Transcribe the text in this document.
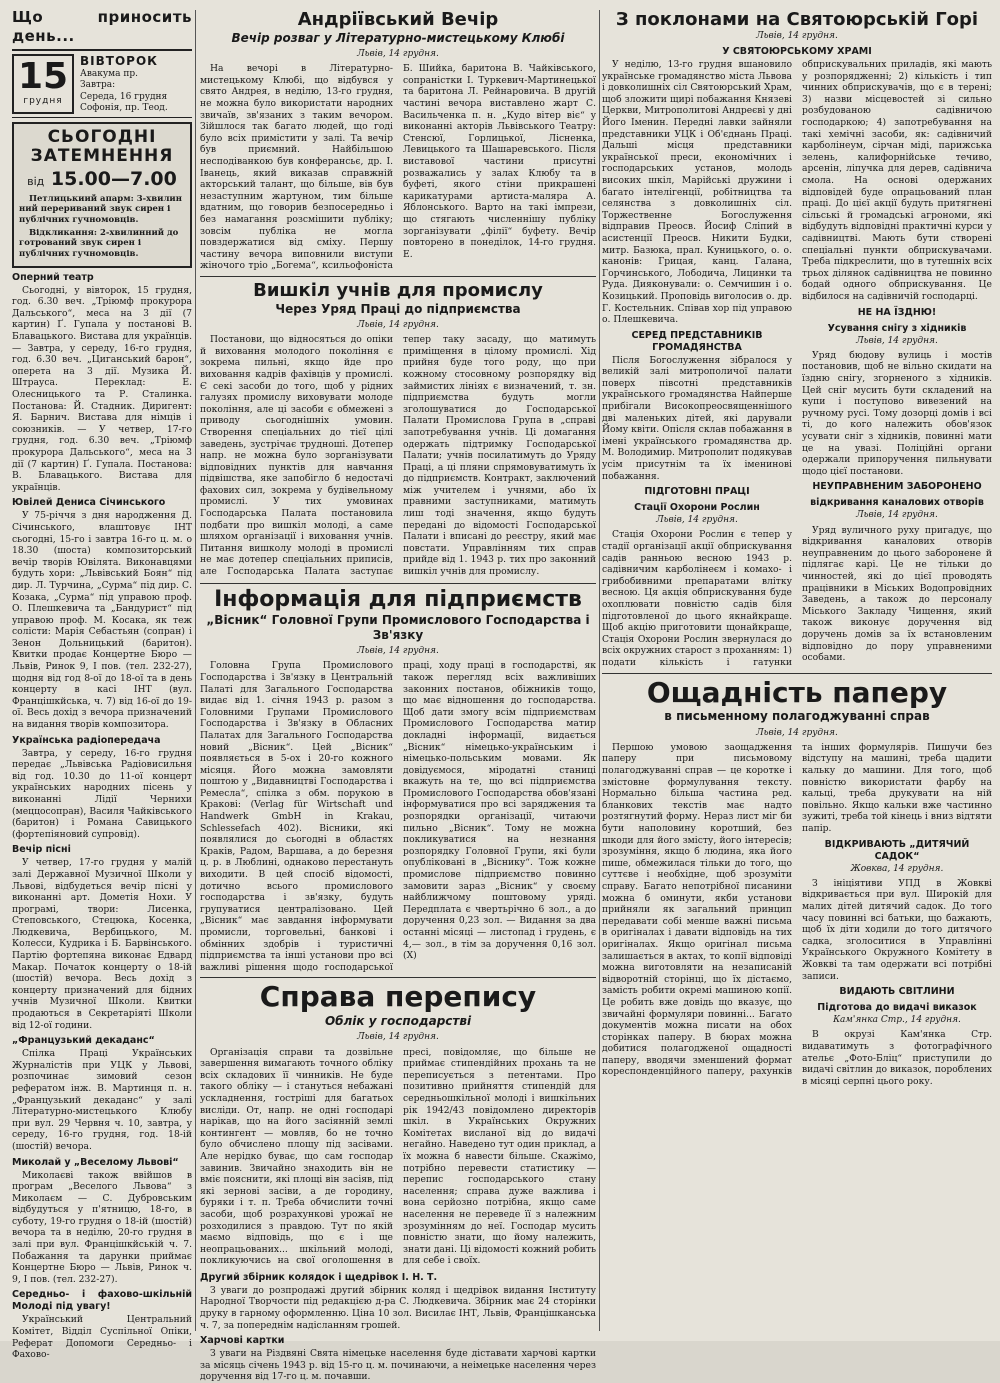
Що приносить день...
15
грудня
ВІВТОРОК
Авакума пр.
Завтра:
Середа, 16 грудня
Софонія, пр. Теод.
СЬОГОДНІ ЗАТЕМНЕННЯ
від 15.00—7.00

Петлицькиий апарм: 3-хвилин ний перериваний звук сирен і публічних гучномовців.

Відкликання: 2-хвилинний до готрований звук сирен і публічних гучномовців.

Оперний театр

Сьогодні, у вівторок, 15 грудня, год. 6.30 веч. „Тріюмф прокурора Дальського“, меса на 3 дії (7 картин) Ґ. Гупала у постанові В. Блавацького. Вистава для українців. — Завтра, у середу, 16-го грудня, год. 6.30 веч. „Циганський барон“, оперета на 3 дії. Музика Й. Штрауса. Переклад: Е. Олесницького та Р. Сталинка. Постанова: Й. Стадник. Диригент: Я. Барнич. Вистава для німців і союзників. — У четвер, 17-го грудня, год. 6.30 веч. „Тріюмф прокурора Дальського“, меса на 3 дії (7 картин) Ґ. Гупала. Постанова: В. Блавацького. Вистава для українців.

Ювілей Дениса Січинського

У 75-річчя з дня народження Д. Січинського, влаштовує ІНТ сьогодні, 15-го і завтра 16-го ц. м. о 18.30 (шоста) композиторський вечір творів Ювілята. Виконавцями будуть хори: „Львівський Боян“ під дир. Л. Турчина, „Сурма“ під дир. С. Козака, „Сурма“ під управою проф. О. Плешкевича та „Бандурист“ під управою проф. М. Косака, як теж солісти: Марія Себастьян (сопран) і Зенон Дольницький (баритон). Квитки продає Концертне Бюро — Львів, Ринок 9, І пов. (тел. 232-27), щодня від год 8-ої до 18-ої та в день концерту в касі ІНТ (вул. Францішкйська, ч. 7) від 16-ої до 19-ої. Весь дохід з вечора призначений на видання творів композитора.

Українська радіопередача

Завтра, у середу, 16-го грудня передає „Львівська Радіовисильня від год. 10.30 до 11-ої концерт українських народних пісень у виконанні Лідії Чернихи (меццосопран), Василя Чайківського (баритон) і Романа Савицького (фортепіяновий супровід).

Вечір пісні

У четвер, 17-го грудня у малій залі Державної Музичної Школи у Львові, відбудеться вечір пісні у виконанні арт. Дометія Нохи. У програмі, твори: Лисенка, Степовського, Стецюка, Косенка, Людкевича, Вербицького, М. Колесси, Кудрика і Б. Барвінського. Партію фортепяна виконає Едвард Макар. Початок концерту о 18-ій (шостій) вечора. Весь дохід з концерту призначений для бідних учнів Музичної Школи. Квитки продаються в Секретаріяті Школи від 12-ої години.

„Французький декаданс“

Спілка Праці Українських Журналістів при УЦК у Львові, розпочинає зимовий сезон рефератом інж. В. Мартинця п. н. „Французький декаданс“ у залі Літературно-мистецького Клюбу при вул. 29 Червня ч. 10, завтра, у середу, 16-го грудня, год. 18-ій (шостій) вечора.

Миколай у „Веселому Львові“

Миколаєві також ввійшов в програм „Веселого Львова“ з Миколаєм — С. Дубровським відбудуться у п'ятницю, 18-го, в суботу, 19-го грудня о 18-ій (шостій) вечора та в неділю, 20-го грудня в залі при вул. Францішкйській ч. 7. Побажання та дарунки приймає Концертне Бюро — Львів, Ринок ч. 9, І пов. (тел. 232-27).

Середньо- і фахово-шкільній Молоді під увагу!

Український Центральний Комітет, Відділ Суспільної Опіки, Реферат Допомоги Середньо- і Фахово-

Андріївський Вечір
Вечір розваг у Літературно-мистецькому Клюбі
Львів, 14 грудня.

На вечорі в Літературно-мистецькому Клюбі, що відбувся у свято Андрея, в неділю, 13-го грудня, не можна було використати народних звичаїв, зв'язаних з таким вечором. Зійшлося так багато людей, що годі було всіх примістити у залі. Та вечір був приємний. Найбільшою несподіванкою був конферансьє, др. І. Іванець, який виказав справжній акторський талант, що більше, вів був незаступним жартуном, тим більше вдатним, що говорив безпосередньо і без намагання розсмішити публіку; зовсім публіка не могла повздержатися від сміху. Першу частину вечора виповнили виступи жіночого тріо „Богема“, ксильофоніста Б. Шийка, баритона В. Чайківського, сопраністки І. Туркевич-Мартинецької та баритона Л. Рейнаровича. В другій частині вечора виставлено жарт С. Васильченка п. н. „Кудо вітер віє“ у виконанні акторів Львівського Театру: Стенсюї, Горлицької, Лісненка, Левицького та Шашаревського. Після виставової частини присутні розважались у залах Клюбу та в буфеті, якого стіни прикрашені карикатурами артиста-маляра А. Яблонського. Варто на такі імпрези, що стягають численнішу публіку зорганізувати „філії“ буфету. Вечір повторено в понеділок, 14-го грудня. Е.

Вишкіл учнів для промислу
Через Уряд Праці до підприємства
Львів, 14 грудня.

Постанови, що відносяться до опіки й виховання молодого покоління є зокрема пильні, якщо йде про виховання кадрів фахівців у промислі. Є секі засоби до того, щоб у рідних галузях промислу виховувати молоде покоління, але ці засоби є обмежені з приводу сьогоднішніх умовин. Створення спеціальних до тієї цілі заведень, зустрічає трудноші. Дотепер напр. не можна було зорганізувати відповідних пунктів для навчання підвішства, яке запобігло б недостачі фахових сил, зокрема у будівельному промислі. У тих умовинах Господарська Палата постановила подбати про вишкіл молоді, а саме шляхом організації і виховання учнів. Питання вишколу молоді в промислі не має дотепер спеціальних приписів, але Господарська Палата заступає тепер таку засаду, що матимуть приміщення в цілому промислі. Хід прийня буде того роду, що при кожному стосовному розпорядку від займистих лініях є визначений, т. зн. підприємства будуть могли зголошуватися до Господарської Палати Промислова Група в „справі запотребування учнів. Ці домагання одержать підтримку Господарської Палати; учнів посилатимуть до Уряду Праці, а ці пляни спрямовуватимуть їх до підприємств. Контракт, заключений між учителем і учнями, або їх правними заступниками, матимуть лиш тоді значення, якщо будуть передані до відомості Господарської Палати і вписані до реєстру, який має повстати. Управлінням тих справ прийде від 1. 1943 р. тих про законний вишкіл учнів для промислу.

Інформація для підприємств
„Вісник“ Головної Групи Промислового Господарства і Зв'язку
Львів, 14 грудня.

Головна Група Промислового Господарства і Зв'язку в Центральній Палаті для Загального Господарства видає від 1. січня 1943 р. разом з Головними Групами Промислового Господарства і Зв'язку в Обласних Палатах для Загального Господарства новий „Вісник“. Цей „Вісник“ появляється в 5-ох і 20-го кожного місяця. Його можна замовляти поштою у „Видавництві Господарства і Ремесла“, спілка з обм. порукою в Кракові: (Verlag für Wirtschaft und Handwerk GmbH in Krakau, Schlessefach 402). Вісники, які появлялися до сьогодні в областях Краків, Радом, Варшава, а до березня ц. р. в Люблині, однаково перестануть виходити. В цей спосіб відомості, дотично всього промислового господарства і зв'язку, будуть групуватися централізовано. Цей „Вісник“ має завдання інформувати промисли, торговельні, банкові і обмінних здобрів і туристичні підприємства та інші установи про всі важливі рішення щодо господарської праці, ходу праці в господарстві, як також перегляд всіх важливіших законних постанов, обіжників тощо, що має відношення до господарства. Щоб дати змогу всім підприємствам Промислового Господарства матир докладні інформації, видається „Вісник“ німецько-українським і німецько-польським мовами. Як довідуємося, міродатні станиці вкажуть на те, що всі підприємства Промислового Господарства обов'язані інформуватися про всі заряджения та розпорядки організації, читаючи пильно „Вісник“. Тому не можна покликуватися на незнання розпорядку Головної Групи, які були опубліковані в „Віснику“. Тож кожне промислове підприємство повинно замовити зараз „Вісник“ у своєму найближчому поштовому уряді. Передплата є чвертьрічно 6 зол., а до доручення 0,23 зол. — Видання за два останні місяці — листопад і грудень, є 4,— зол., в тім за доручення 0,16 зол. (X)

Справа перепису
Облік у господарстві
Львів, 14 грудня.

Організація справи та дозвільне завершення вимагають точного обліку всіх складових її чинників. Не буде такого обліку — і стануться небажані ускладнення, гостріші для багатьох висліди. От, напр. не одні господарі нарікав, що на його засіянній землі контингент — мовляв, бо не точно було обчислено площу під засівами. Але нерідко буває, що сам господар завинив. Звичайно знаходить він не вміє пояснити, які площі він засіяв, під які зернові засіви, а де городину, буряки і т. п. Треба обчислити точні засоби, щоб розрахункові урожаї не розходилися з правдою. Тут по якій маємо відповідь, що є і ще неопрацьованих... шкільний молоді, покликуючись на свої оголошення в пресі, повідомляє, що більше не приймає стипендійних прохань та не переписується з петентами. Про позитивно прийняття стипендій для середньошкільної молоді і вишкільних рік 1942/43 повідомлено директорів шкіл. в Українських Окружних Комітетах висланої від до видачі негайно. Наведено тут один приклад, а їх можна б навести більше. Скажімо, потрібно перевести статистику — перепис господарського стану населення; справа дуже важлива і вона серйозно потрібна, якщо саме населення не переведе її з належним зрозумінням до неї. Господар мусить повністю знати, що йому належить, знати дані. Ці відомості кожний робить для себе і своїх.

Другий збірник колядок і щедрівок І. Н. Т.

З уваги до розпродажі другий збірник коляд і щедрівок видання Інституту Народної Творчости під редакцією д-ра С. Людкевича. Збірник має 24 сторінки друку в гарному оформленню. Ціна 10 зол. Висилає ІНТ, Львів, Францішканська ч. 7, за попереднім надісланням грошей.

Харчові картки

З уваги на Різдвяні Свята німецьке населення буде діставати харчові картки за місяць січень 1943 р. від 15-го ц. м. починаючи, а неімецьке населення через доручення від 17-го ц. м. почавши.

З поклонами на Святоюрській Горі
Львів, 14 грудня.
У СВЯТОЮРСЬКОМУ ХРАМІ

У неділю, 13-го грудня вшановило українське громадянство міста Львова і довколишніх сіл Святоюрський Храм, щоб зложити щирі побажання Князеві Церкви, Митрополитові Андреєві у дні Його Іменин. Передні лавки зайняли представники УЦК і Об'єднань Праці. Дальші місця представники української преси, економічних і господарських установ, молодь високих шкіл, Марійські дружини і багато інтелігенції, робітництва та селянства з довколишніх сіл. Торжественне Богослуження відправив Преосв. Йосиф Сліпий в асистенції Преосв. Никити Будки, митр. Базюка, прал. Куницького, о. о. канонів: Грицая, канц. Галана, Горчинського, Лободича, Лицинки та Руда. Дияконували: о. Семчишин і о. Козицький. Проповідь виголосив о. др. Г. Костельник. Співав хор під управою о. Плешкевича.

СЕРЕД ПРЕДСТАВНИКІВ ГРОМАДЯНСТВА

Після Богослуження зібралося у великій залі митрополичої палати поверх півсотні представників українського громадянства Найперше прибігали Високопреосвященнішого дві маленьких дітей, які дарували Йому квіти. Опісля склав побажання в імені українського громадянства др. М. Володимир. Митрополит подякував усім присутнім та їх іменинові побажання.

ПІДГОТОВНІ ПРАЦІ
Стації Охорони Рослин
Львів, 14 грудня.

Стація Охорони Рослин є тепер у стадії організації акції обприскування садів ранньою весною 1943 р. садівничим карболінеєм і комахо- і грибобивними препаратами влітку весною. Ця акція обприскування буде охоплювати повністю садів біля підготовленої до цього якнайкраще. Щоб акцію приготовити щонайкраще, Стація Охорони Рослин звернулася до всіх окружних старост з проханням: 1) подати кількість і гатунки обприскувальних приладів, які мають у розпорядженні; 2) кількість і тип чинних обприскувачів, що є в терені; 3) назви місцевостей зі сильно розбудованою садівничою господаркою; 4) запотребування на такі хемічні засоби, як: садівничий карболінеум, сірчан міді, парижська зелень, калифорнійське течиво, арсенін, ліпучка для дерев, садівнича смола. На основі одержаних відповідей буде опрацьований план праці. До цієї акції будуть притягнені сільські й громадські агрономи, які відбудуть відповідні практичні курси у садівництві. Мають бути створені спеціальні пункти обприскувачами. Треба підкреслити, що в тутешніх всіх трьох ділянок садівництва не повинно бодай одного обприскування. Це відбилося на садівничій господарці.

НЕ НА ЇЗДНЮ!
Усування снігу з хідників
Львів, 14 грудня.

Уряд бюдову вулиць і мостів постановив, щоб не вільно скидати на їздню снігу, згорненого з хідників. Цей сніг мусить бути складений на купи і поступово вивезений на ручному русі. Тому дозорці домів і всі ті, до кого належить обов'язок усувати сніг з хідників, повинні мати це на увазі. Поліційні органи одержали припоручення пильнувати щодо цієї постанови.

НЕУПРАВНЕНИМ ЗАБОРОНЕНО
відкривання каналових отворів
Львів, 14 грудня.

Уряд вуличного руху пригадує, що відкривання каналових отворів неуправненим до цього заборонене й підлягає карі. Це не тільки до чинностей, які до цієї проводять працівники в Міських Водопровідних Заведень, а також до персоналу Міського Закладу Чищення, який також виконує доручення від доручень домів за їх встановленим відповідно до пору управненими особами.

Ощадність паперу
в письменному полагоджуванні справ
Львів, 14 грудня.

Першою умовою заощадження паперу при письмовому полагоджуванні справ — це коротке і змістовне формулування тексту. Нормально більша частина ред. бланкових текстів має надто розтягнутий форму. Нераз лист міг би бути наполовину коротший, без шкоди для його змісту, його інтересів; зрозуміння, якщо б людина, яка його пише, обмежилася тільки до того, що суттєве і необхідне, щоб зрозуміти справу. Багато непотрібної писанини можна б оминути, якби установи прийняли як загальний принцип передавати собі менше важні письма в оригіналах і давати відповідь на тих оригіналах. Якщо оригінал письма залишається в актах, то копії відповіді можна виготовляти на незаписаній відворотній сторінці, що їх дістаємо, замість робити окремі машиною копії. Це робить вже довідь що вказує, що звичайні формуляри повинні... Багато документів можна писати на обох сторінках паперу. В бюрах можна добитися полагодженої ощадності паперу, вводячи зменшений формат кореспонденційного паперу, рахунків та інших формулярів. Пишучи без відступу на машині, треба щадити кальку до машини. Для того, щоб повністю використати фарбу на кальці, треба друкувати на ній повільно. Якщо кальки вже частинно зужиті, треба той кінець і вниз відтяти папір.

ВІДКРИВАЮТЬ „ДИТЯЧИЙ САДОК“
Жовква, 14 грудня.

З ініціятиви УПД в Жовкві відкривається при вул. Широкій для малих дітей дитячий садок. До того часу повинні всі батьки, що бажають, щоб їх діти ходили до того дитячого садка, зголоситися в Управлінні Українського Окружного Комітету в Жовкві та там одержати всі потрібні записи.

ВИДАЮТЬ СВІТЛИНИ
Підготова до видачі виказок
Кам'янка Стр., 14 грудня.

В окрузі Кам'янка Стр. видаватимуть з фотографічного ательє „Фото-Бліц“ приступили до видачі світлин до виказок, пороблених в місяці серпні цього року.
